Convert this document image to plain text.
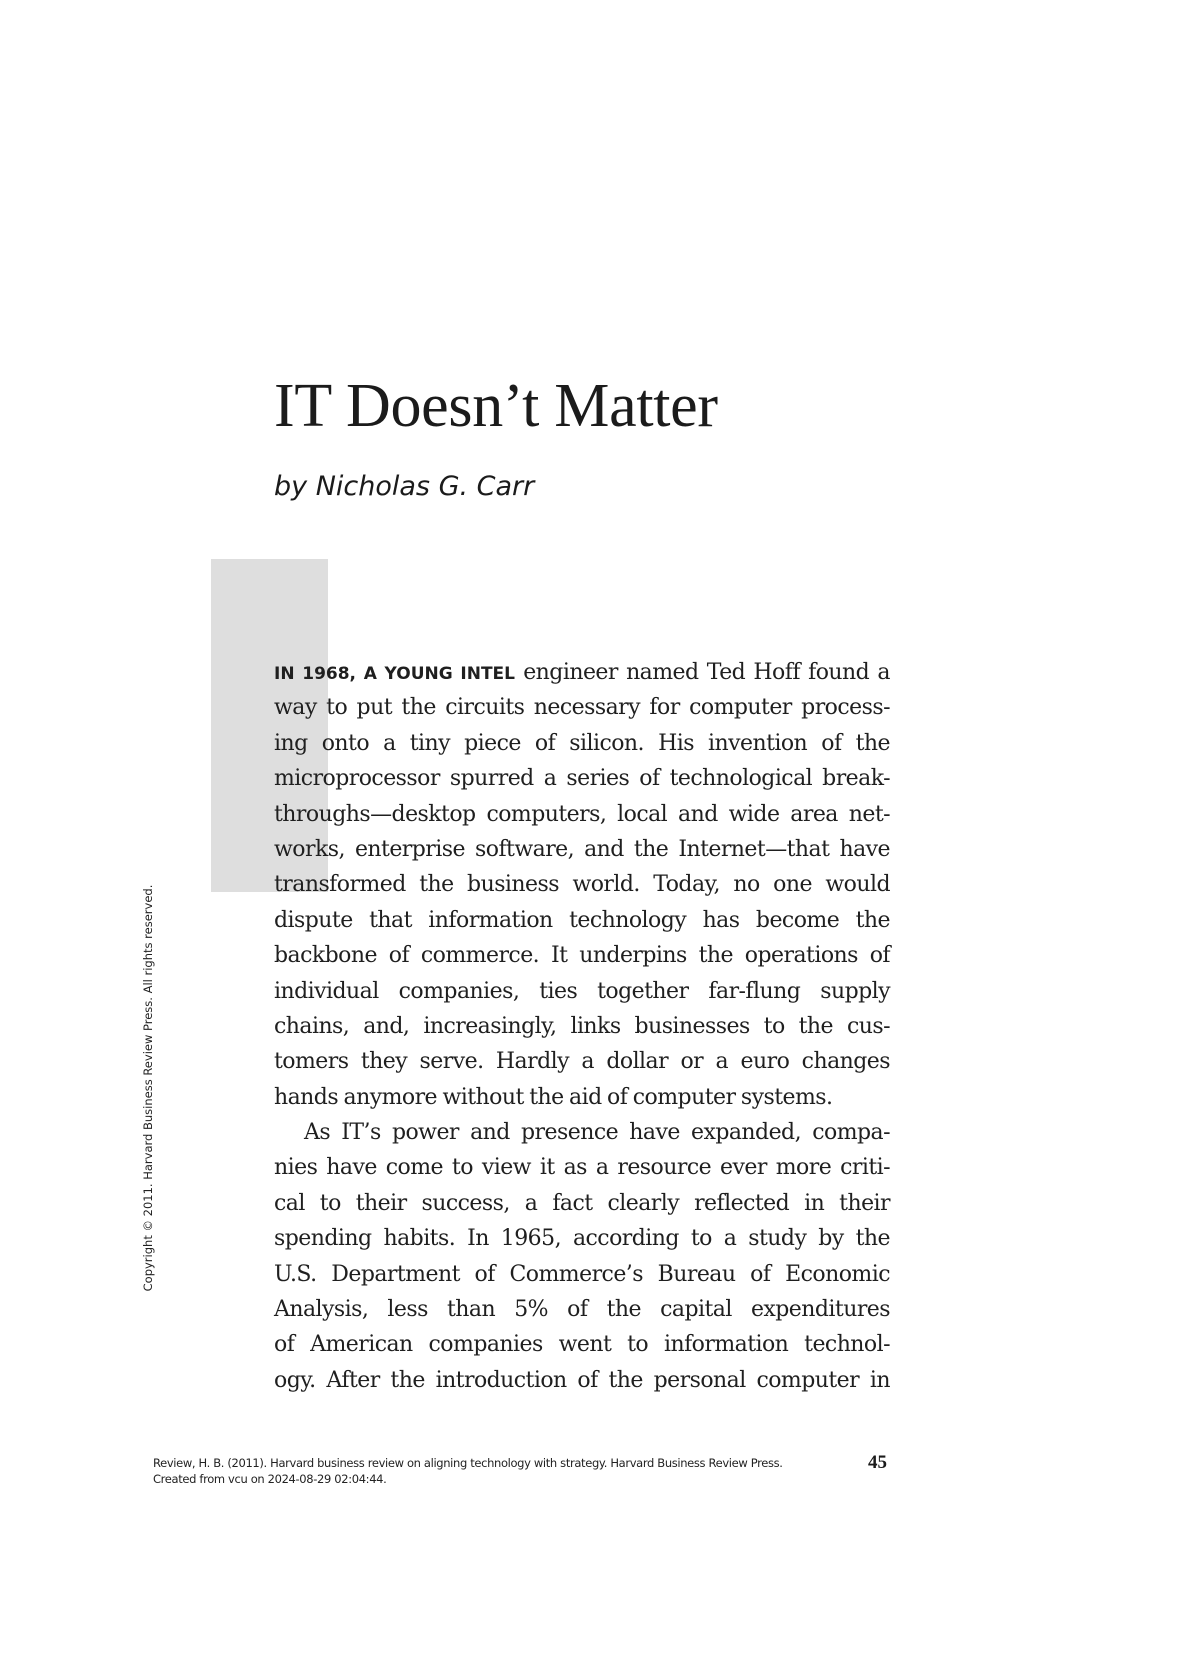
IT Doesn’t Matter

by Nicholas G. Carr

IN 1968, A YOUNG INTEL engineer named Ted Hoff found a
way to put the circuits necessary for computer process-
ing onto a tiny piece of silicon. His invention of the
microprocessor spurred a series of technological break-
throughs—desktop computers, local and wide area net-
works, enterprise software, and the Internet—that have
transformed the business world. Today, no one would
dispute that information technology has become the
backbone of commerce. It underpins the operations of
individual companies, ties together far-flung supply
chains, and, increasingly, links businesses to the cus-
tomers they serve. Hardly a dollar or a euro changes
hands anymore without the aid of computer systems.
As IT’s power and presence have expanded, compa-
nies have come to view it as a resource ever more criti-
cal to their success, a fact clearly reflected in their
spending habits. In 1965, according to a study by the
U.S. Department of Commerce’s Bureau of Economic
Analysis, less than 5% of the capital expenditures
of American companies went to information technol-
ogy. After the introduction of the personal computer in
Copyright © 2011. Harvard Business Review Press. All rights reserved.
Review, H. B. (2011). Harvard business review on aligning technology with strategy. Harvard Business Review Press.
Created from vcu on 2024-08-29 02:04:44.
45
